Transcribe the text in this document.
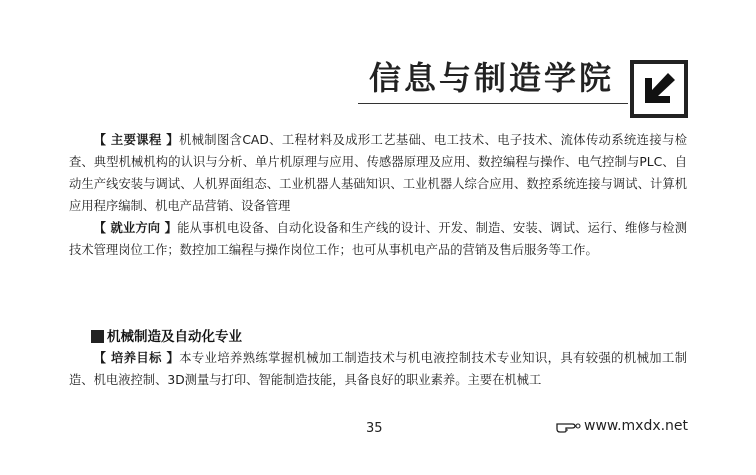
信息与制造学院

【 主要课程 】机械制图含CAD、工程材料及成形工艺基础、电工技术、电子技术、流体传动系统连接与检查、典型机械机构的认识与分析、单片机原理与应用、传感器原理及应用、数控编程与操作、电气控制与PLC、自动生产线安装与调试、人机界面组态、工业机器人基础知识、工业机器人综合应用、数控系统连接与调试、计算机应用程序编制、机电产品营销、设备管理

【 就业方向 】能从事机电设备、自动化设备和生产线的设计、开发、制造、安装、调试、运行、维修与检测技术管理岗位工作；数控加工编程与操作岗位工作；也可从事机电产品的营销及售后服务等工作。

机械制造及自动化专业

【 培养目标 】本专业培养熟练掌握机械加工制造技术与机电液控制技术专业知识，具有较强的机械加工制造、机电液控制、3D测量与打印、智能制造技能，具备良好的职业素养。主要在机械工

35	www.mxdx.net
